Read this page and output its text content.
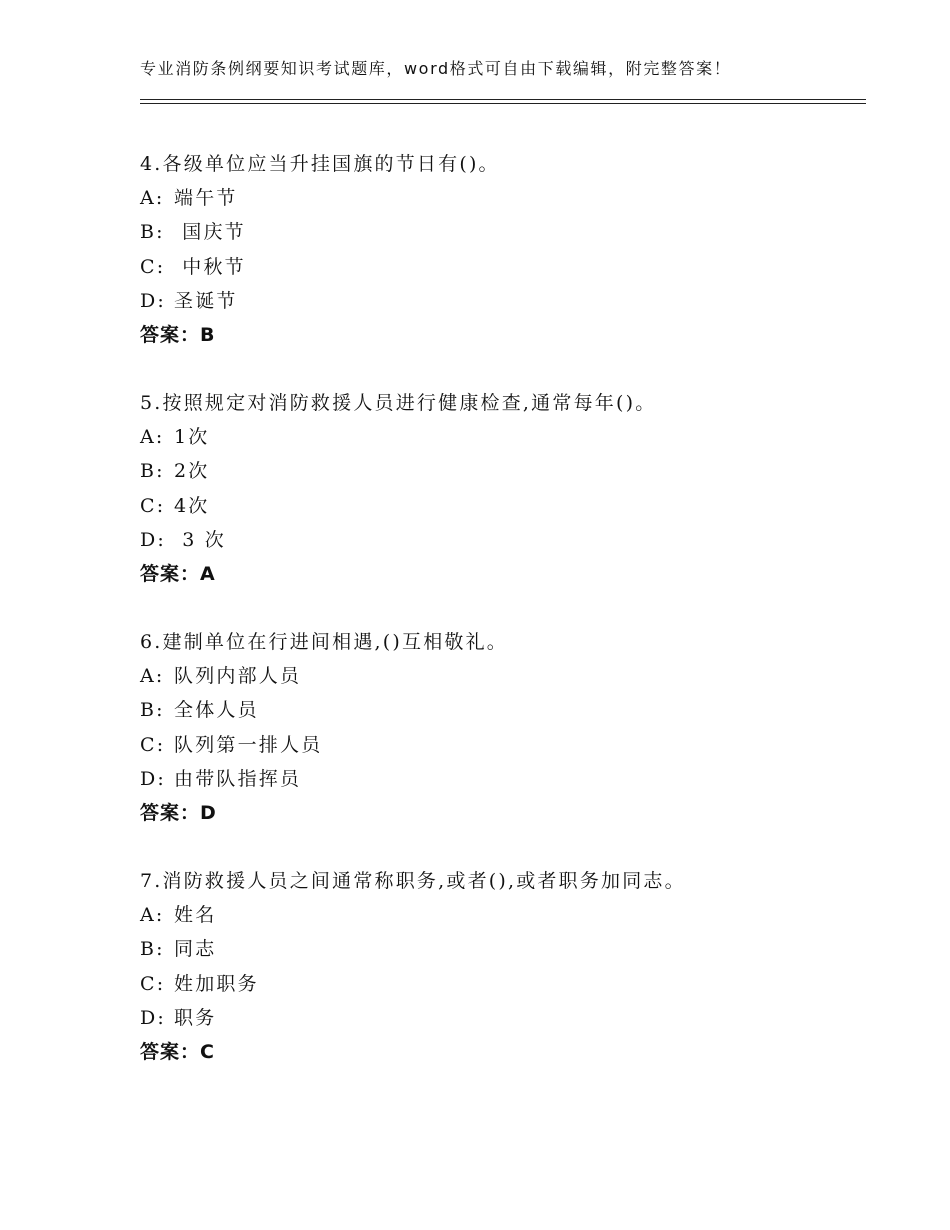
专业消防条例纲要知识考试题库，word格式可自由下载编辑，附完整答案！
4.各级单位应当升挂国旗的节日有()。
A: 端午节
B: 国庆节
C: 中秋节
D: 圣诞节
答案：B
5.按照规定对消防救援人员进行健康检查,通常每年()。
A: 1次
B: 2次
C: 4次
D: 3 次
答案：A
6.建制单位在行进间相遇,()互相敬礼。
A: 队列内部人员
B: 全体人员
C: 队列第一排人员
D: 由带队指挥员
答案：D
7.消防救援人员之间通常称职务,或者(),或者职务加同志。
A: 姓名
B: 同志
C: 姓加职务
D: 职务
答案：C
